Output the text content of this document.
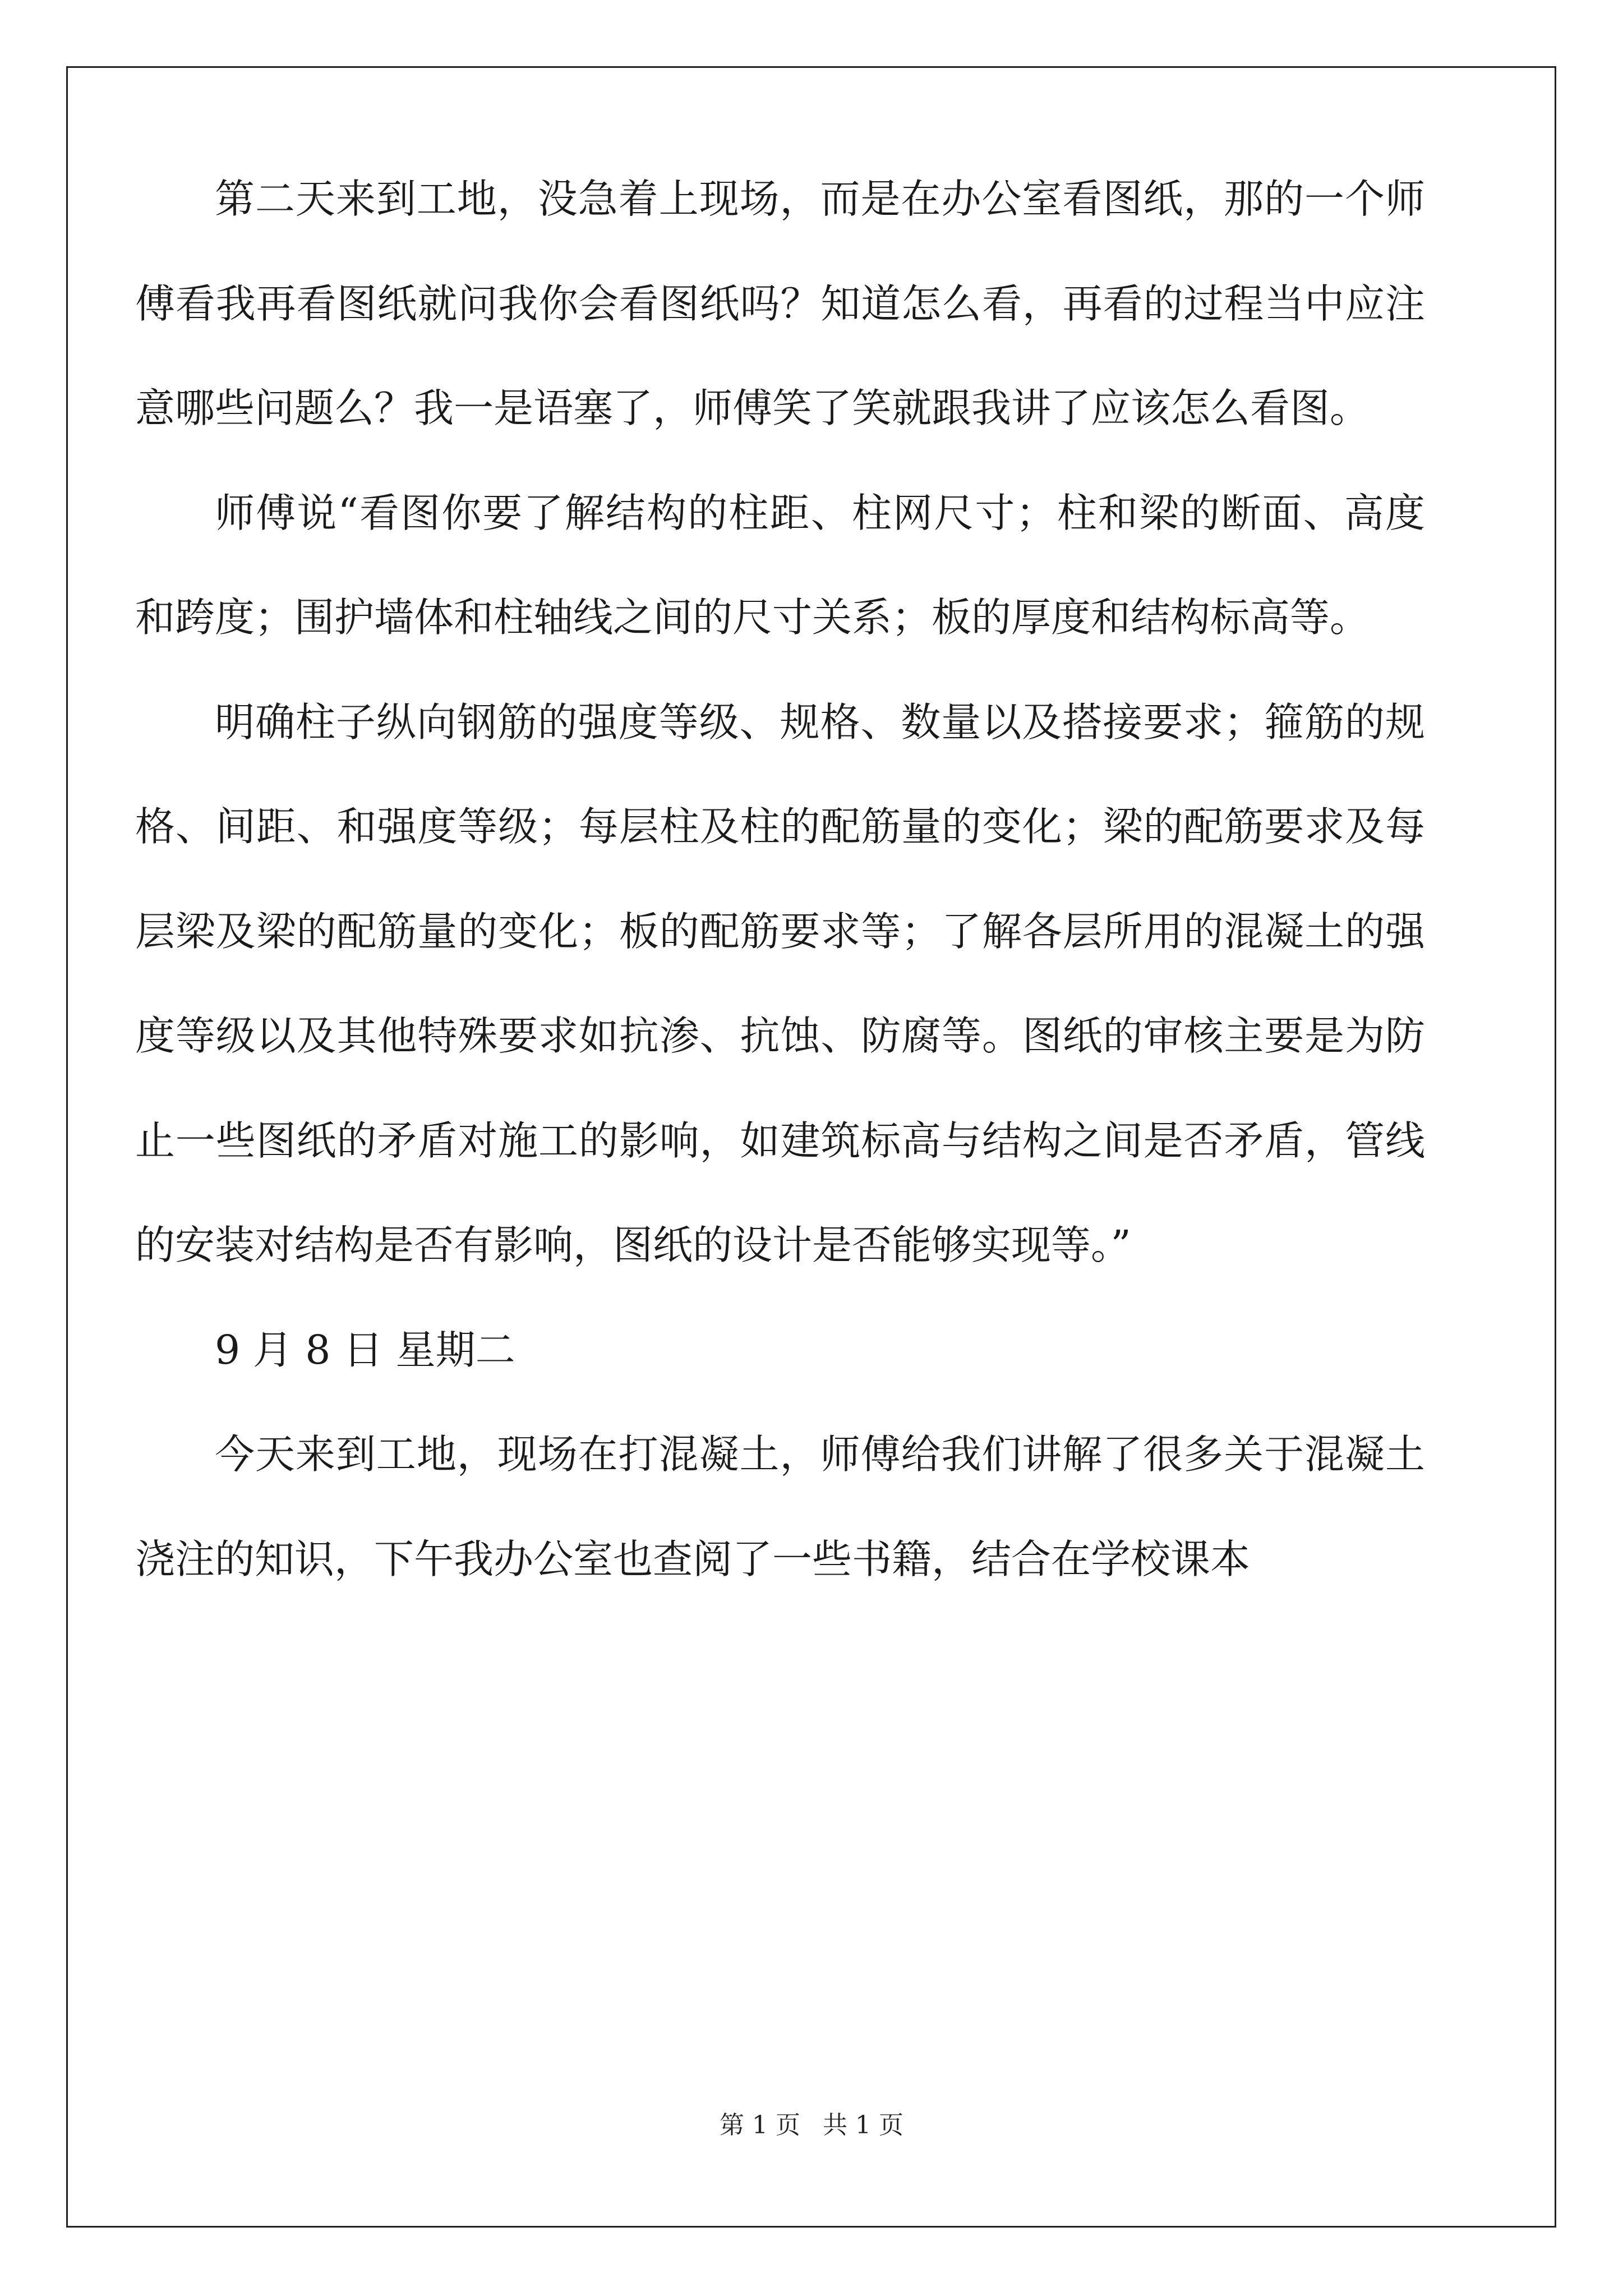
第二天来到工地，没急着上现场，而是在办公室看图纸，那的一个师傅看我再看图纸就问我你会看图纸吗？知道怎么看，再看的过程当中应注意哪些问题么？我一是语塞了，师傅笑了笑就跟我讲了应该怎么看图。

师傅说“看图你要了解结构的柱距、柱网尺寸；柱和梁的断面、高度和跨度；围护墙体和柱轴线之间的尺寸关系；板的厚度和结构标高等。

明确柱子纵向钢筋的强度等级、规格、数量以及搭接要求；箍筋的规格、间距、和强度等级；每层柱及柱的配筋量的变化；梁的配筋要求及每层梁及梁的配筋量的变化；板的配筋要求等；了解各层所用的混凝土的强度等级以及其他特殊要求如抗渗、抗蚀、防腐等。图纸的审核主要是为防止一些图纸的矛盾对施工的影响，如建筑标高与结构之间是否矛盾，管线的安装对结构是否有影响，图纸的设计是否能够实现等。”

9 月 8 日 星期二

今天来到工地，现场在打混凝土，师傅给我们讲解了很多关于混凝土浇注的知识，下午我办公室也查阅了一些书籍，结合在学校课本

第 1 页 共 1 页
